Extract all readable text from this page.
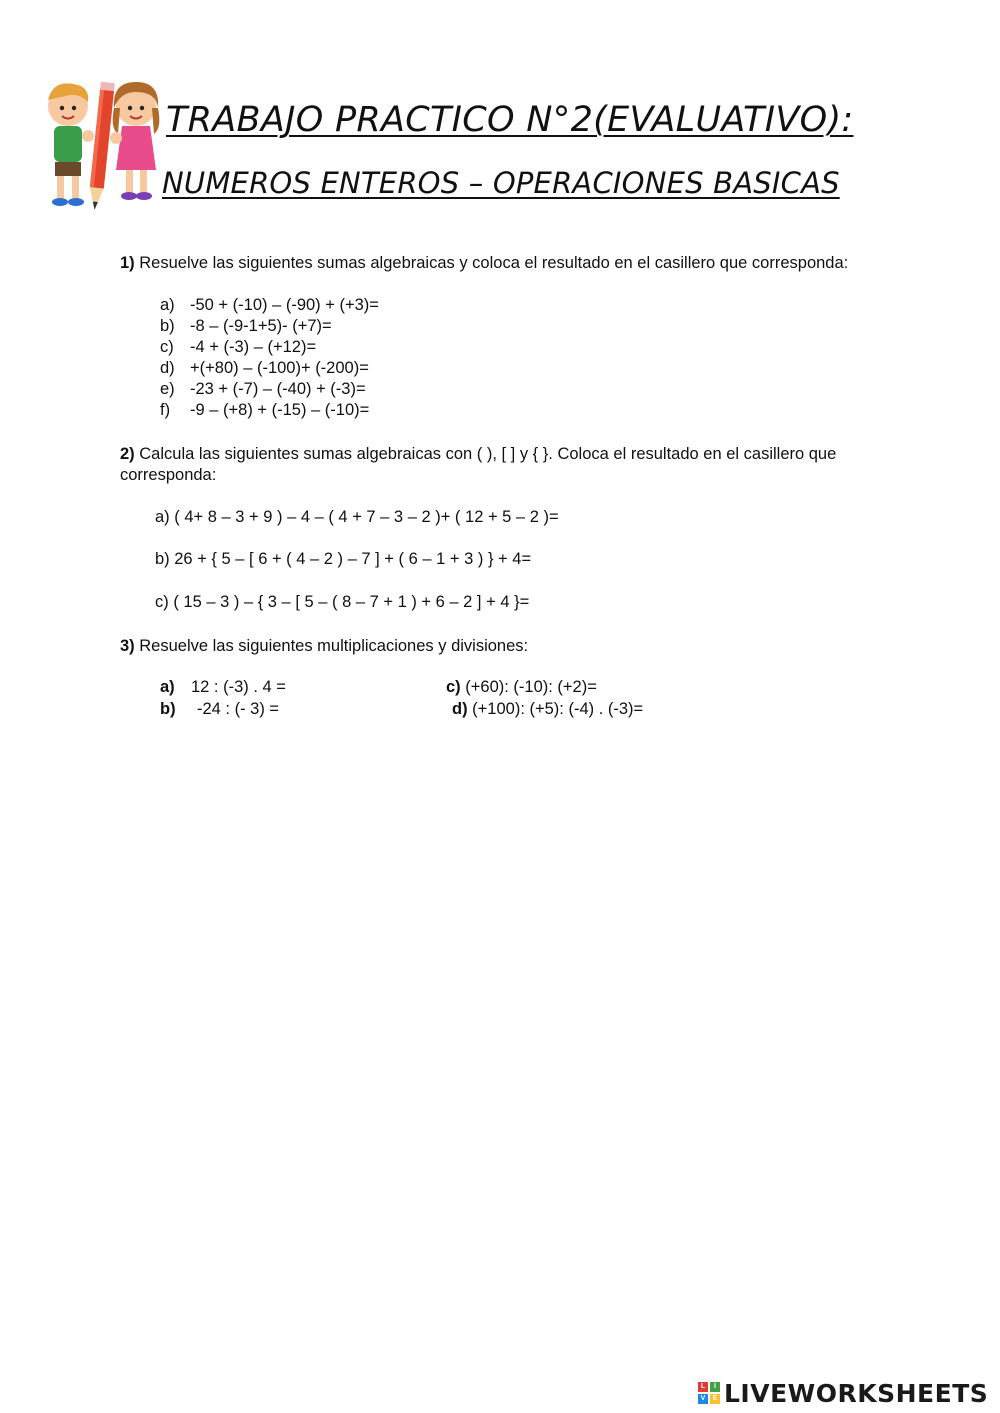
TRABAJO PRACTICO N°2(EVALUATIVO):
NUMEROS ENTEROS – OPERACIONES BASICAS
1) Resuelve las siguientes sumas algebraicas y coloca el resultado en el casillero que corresponda:
a) -50 + (-10) – (-90) + (+3)=
b) -8 – (-9-1+5)- (+7)=
c) -4 + (-3) – (+12)=
d) +(+80) – (-100)+ (-200)=
e) -23 + (-7) – (-40) + (-3)=
f) -9 – (+8) + (-15) – (-10)=
2) Calcula las siguientes sumas algebraicas con ( ), [ ] y { }. Coloca el resultado en el casillero que corresponda:
a) ( 4+ 8 – 3 + 9 ) – 4 – ( 4 + 7 – 3 – 2 )+ ( 12 + 5 – 2 )=
b) 26 + { 5 – [ 6 + ( 4 – 2 ) – 7 ] + ( 6 – 1 + 3 ) } + 4=
c) ( 15 – 3 ) – { 3 – [ 5 – ( 8 – 7 + 1 ) + 6 – 2 ] + 4 }=
3) Resuelve las siguientes multiplicaciones y divisiones:
a) 12 : (-3) . 4 =
b) -24 : (- 3) =
c) (+60): (-10): (+2)=
d) (+100): (+5): (-4) . (-3)=
L	I
V	E LIVEWORKSHEETS
